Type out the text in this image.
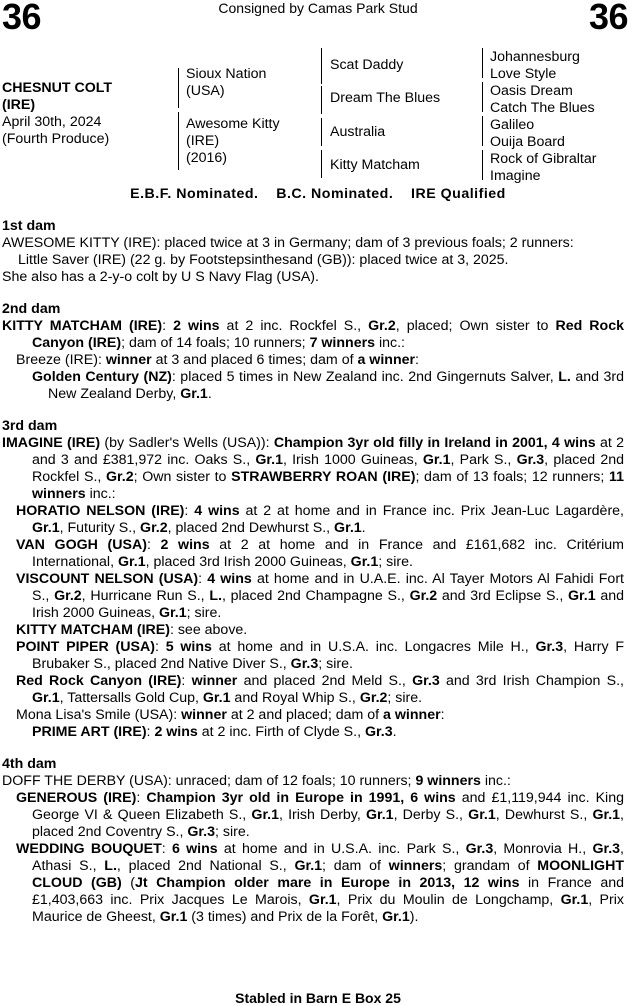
36	Consigned by Camas Park Stud	36
CHESNUT COLT
(IRE)
April 30th, 2024
(Fourth Produce)
Sioux Nation
(USA)
Awesome Kitty
(IRE)
(2016)
Scat Daddy
Dream The Blues
Australia
Kitty Matcham
Johannesburg
Love Style
Oasis Dream
Catch The Blues
Galileo
Ouija Board
Rock of Gibraltar
Imagine
E.B.F. Nominated.    B.C. Nominated.    IRE Qualified
1st dam
AWESOME KITTY (IRE): placed twice at 3 in Germany; dam of 3 previous foals; 2 runners:
Little Saver (IRE) (22 g. by Footstepsinthesand (GB)): placed twice at 3, 2025.
She also has a 2-y-o colt by U S Navy Flag (USA).
2nd dam
KITTY MATCHAM (IRE): 2 wins at 2 inc. Rockfel S., Gr.2, placed; Own sister to Red Rock Canyon (IRE); dam of 14 foals; 10 runners; 7 winners inc.:
Breeze (IRE): winner at 3 and placed 6 times; dam of a winner:
Golden Century (NZ): placed 5 times in New Zealand inc. 2nd Gingernuts Salver, L. and 3rd New Zealand Derby, Gr.1.
3rd dam
IMAGINE (IRE) (by Sadler's Wells (USA)): Champion 3yr old filly in Ireland in 2001, 4 wins at 2 and 3 and £381,972 inc. Oaks S., Gr.1, Irish 1000 Guineas, Gr.1, Park S., Gr.3, placed 2nd Rockfel S., Gr.2; Own sister to STRAWBERRY ROAN (IRE); dam of 13 foals; 12 runners; 11 winners inc.:
HORATIO NELSON (IRE): 4 wins at 2 at home and in France inc. Prix Jean-Luc Lagardère, Gr.1, Futurity S., Gr.2, placed 2nd Dewhurst S., Gr.1.
VAN GOGH (USA): 2 wins at 2 at home and in France and £161,682 inc. Critérium International, Gr.1, placed 3rd Irish 2000 Guineas, Gr.1; sire.
VISCOUNT NELSON (USA): 4 wins at home and in U.A.E. inc. Al Tayer Motors Al Fahidi Fort S., Gr.2, Hurricane Run S., L., placed 2nd Champagne S., Gr.2 and 3rd Eclipse S., Gr.1 and Irish 2000 Guineas, Gr.1; sire.
KITTY MATCHAM (IRE): see above.
POINT PIPER (USA): 5 wins at home and in U.S.A. inc. Longacres Mile H., Gr.3, Harry F Brubaker S., placed 2nd Native Diver S., Gr.3; sire.
Red Rock Canyon (IRE): winner and placed 2nd Meld S., Gr.3 and 3rd Irish Champion S., Gr.1, Tattersalls Gold Cup, Gr.1 and Royal Whip S., Gr.2; sire.
Mona Lisa's Smile (USA): winner at 2 and placed; dam of a winner:
PRIME ART (IRE): 2 wins at 2 inc. Firth of Clyde S., Gr.3.
4th dam
DOFF THE DERBY (USA): unraced; dam of 12 foals; 10 runners; 9 winners inc.:
GENEROUS (IRE): Champion 3yr old in Europe in 1991, 6 wins and £1,119,944 inc. King George VI & Queen Elizabeth S., Gr.1, Irish Derby, Gr.1, Derby S., Gr.1, Dewhurst S., Gr.1, placed 2nd Coventry S., Gr.3; sire.
WEDDING BOUQUET: 6 wins at home and in U.S.A. inc. Park S., Gr.3, Monrovia H., Gr.3, Athasi S., L., placed 2nd National S., Gr.1; dam of winners; grandam of MOONLIGHT CLOUD (GB) (Jt Champion older mare in Europe in 2013, 12 wins in France and £1,403,663 inc. Prix Jacques Le Marois, Gr.1, Prix du Moulin de Longchamp, Gr.1, Prix Maurice de Gheest, Gr.1 (3 times) and Prix de la Forêt, Gr.1).
Stabled in Barn E Box 25
